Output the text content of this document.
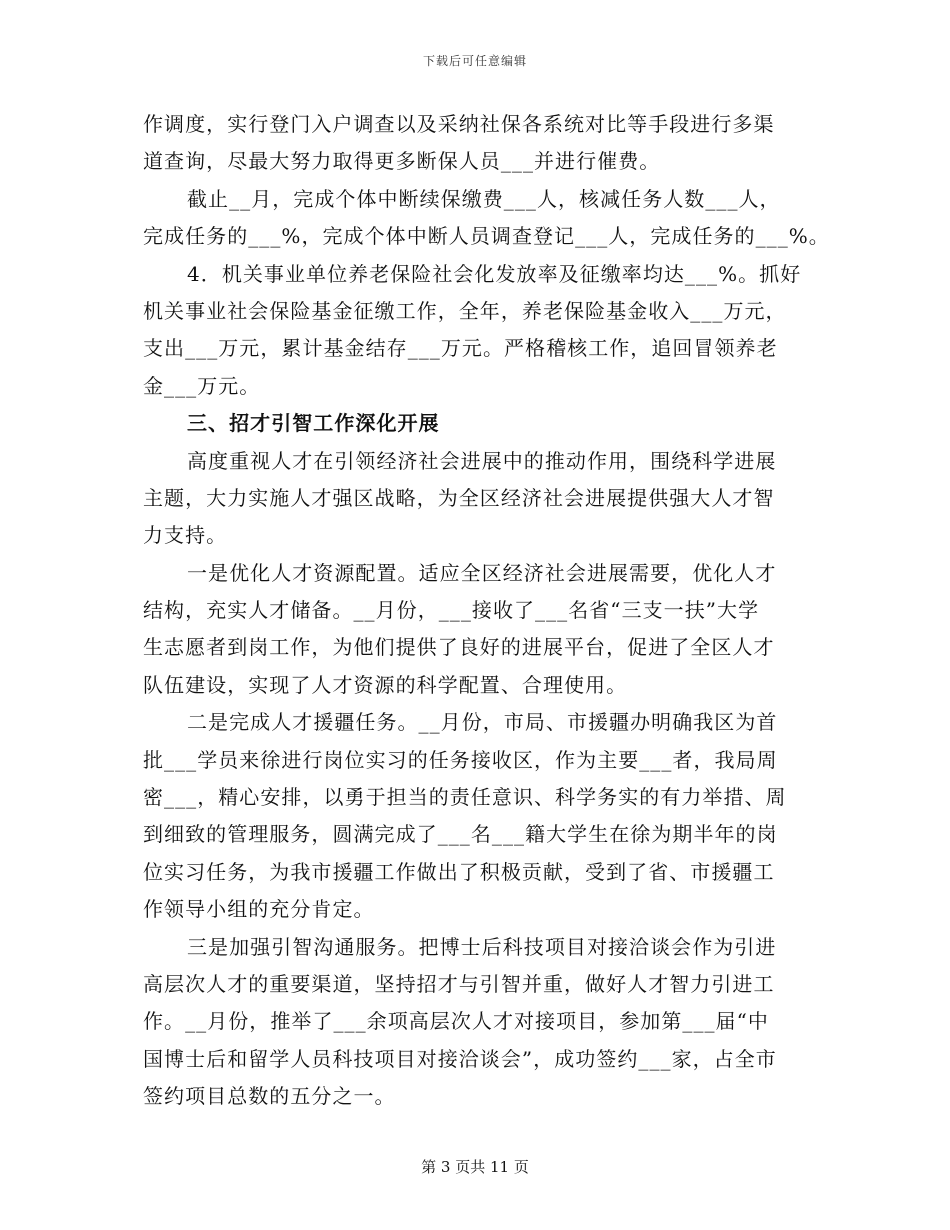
下载后可任意编辑
作调度，实行登门入户调查以及采纳社保各系统对比等手段进行多渠
道查询，尽最大努力取得更多断保人员___并进行催费。
截止__月，完成个体中断续保缴费___人，核减任务人数___人，
完成任务的___%，完成个体中断人员调查登记___人，完成任务的___%。
4．机关事业单位养老保险社会化发放率及征缴率均达___%。抓好
机关事业社会保险基金征缴工作，全年，养老保险基金收入___万元，
支出___万元，累计基金结存___万元。严格稽核工作，追回冒领养老
金___万元。
三、招才引智工作深化开展
高度重视人才在引领经济社会进展中的推动作用，围绕科学进展
主题，大力实施人才强区战略，为全区经济社会进展提供强大人才智
力支持。
一是优化人才资源配置。适应全区经济社会进展需要，优化人才
结构，充实人才储备。__月份，___接收了___名省“三支一扶”大学
生志愿者到岗工作，为他们提供了良好的进展平台，促进了全区人才
队伍建设，实现了人才资源的科学配置、合理使用。
二是完成人才援疆任务。__月份，市局、市援疆办明确我区为首
批___学员来徐进行岗位实习的任务接收区，作为主要___者，我局周
密___，精心安排，以勇于担当的责任意识、科学务实的有力举措、周
到细致的管理服务，圆满完成了___名___籍大学生在徐为期半年的岗
位实习任务，为我市援疆工作做出了积极贡献，受到了省、市援疆工
作领导小组的充分肯定。
三是加强引智沟通服务。把博士后科技项目对接洽谈会作为引进
高层次人才的重要渠道，坚持招才与引智并重，做好人才智力引进工
作。__月份，推举了___余项高层次人才对接项目，参加第___届“中
国博士后和留学人员科技项目对接洽谈会”，成功签约___家，占全市
签约项目总数的五分之一。
第 3 页共 11 页
